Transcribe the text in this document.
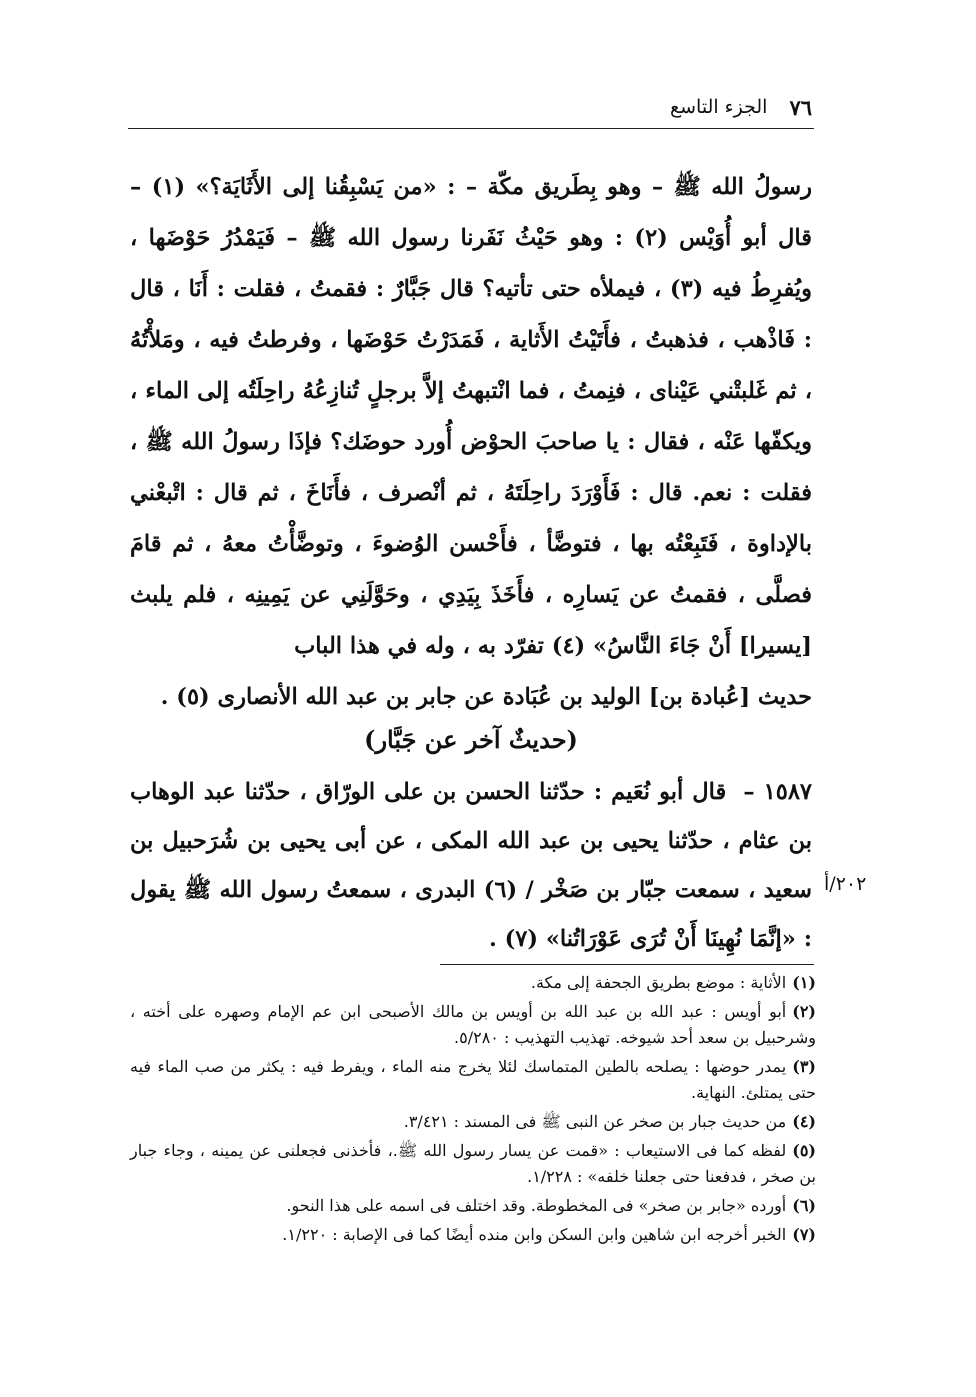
٧٦
الجزء التاسع

رسولُ الله ﷺ – وهو بِطَريق مكّة – : «من يَسْبِقُنا إلى الأَثَايَة؟» (١) – قال أبو أُوَيْس (٢) : وهو حَيْثُ نَفَرنا رسول الله ﷺ – فَيَمْدُرُ حَوْضَها ، ويُفرِطُ فيه (٣) ، فيملأه حتى تأتيه؟ قال جَبَّارٌ : فقمتُ ، فقلت : أَنَا ، قال : فَاذْهب ، فذهبتُ ، فأَتَيْتُ الأَثاية ، فَمَدَرْتُ حَوْضَها ، وفرطتُ فيه ، ومَلأْتُهُ ، ثم غَلبتْني عَيْناى ، فنِمتُ ، فما انْتبهتُ إلاَّ برجلٍ تُنازِعُهُ راحِلَتُه إلى الماء ، ويكفّها عَنْه ، فقال : يا صاحبَ الحوْض أُورد حوضَك؟ فإذَا رسولُ الله ﷺ ، فقلت : نعم. قال : فَأَوْرَدَ راحِلَتَهُ ، ثم أنْصرف ، فأَنَاخَ ، ثم قال : اتْبعْني بالإداوة ، فَتَبِعْتُه بها ، فتوضَّأ ، فأَحْسن الوُضوءَ ، وتوضَّأْتُ معهُ ، ثم قامَ فصلَّى ، فقمتُ عن يَسارِه ، فأَخَذَ بِيَدِي ، وحَوَّلَنِي عن يَمِينِه ، فلم يلبث [يسيرا] أَنْ جَاءَ النَّاسُ» (٤) تفرّد به ، وله في هذا الباب

حديث [عُبادة بن] الوليد بن عُبَادة عن جابر بن عبد الله الأنصارى (٥) .

(حديثٌ آخر عن جَبَّار)

١٥٨٧ – قال أبو نُعَيم : حدّثنا الحسن بن على الورّاق ، حدّثنا عبد الوهاب بن عثام ، حدّثنا يحيى بن عبد الله المكى ، عن أبى يحيى بن شُرَحبيل بن سعيد ، سمعت جبّار بن صَخْر / (٦) البدرى ، سمعتُ رسول الله ﷺ يقول : «إنَّمَا نُهِينَا أَنْ تُرَى عَوْرَاتُنا» (٧) .

٢٠٢/أ

(١)الأثاية : موضع بطريق الجحفة إلى مكة.

(٢)أبو أويس : عبد الله بن عبد الله بن أويس بن مالك الأصبحى ابن عم الإمام وصهره على أخته ، وشرحبيل بن سعد أحد شيوخه. تهذيب التهذيب : ٥/٢٨٠.

(٣)يمدر حوضها : يصلحه بالطين المتماسك لئلا يخرج منه الماء ، ويفرط فيه : يكثر من صب الماء فيه حتى يمتلئ. النهاية.

(٤)من حديث جبار بن صخر عن النبى ﷺ فى المسند : ٣/٤٢١.

(٥)لفظه كما فى الاستيعاب : «قمت عن يسار رسول الله ﷺ.، فأخذنى فجعلنى عن يمينه ، وجاء جبار بن صخر ، فدفعنا حتى جعلنا خلفه» : ١/٢٢٨.

(٦)أورده «جابر بن صخر» فى المخطوطة. وقد اختلف فى اسمه على هذا النحو.

(٧)الخبر أخرجه ابن شاهين وابن السكن وابن منده أيضًا كما فى الإصابة : ١/٢٢٠.
